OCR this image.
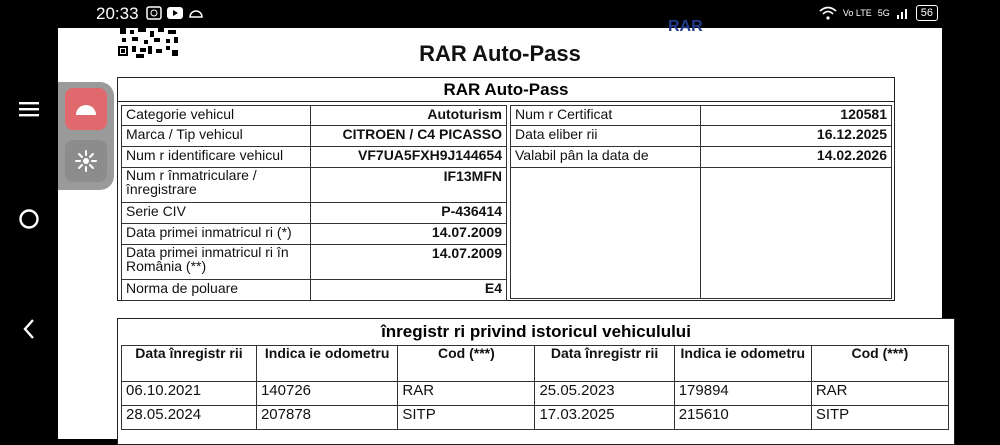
20:33	Vo LTE 5G	56
RAR
RAR Auto-Pass
RAR Auto-Pass
Categorie vehicul	Autoturism
Marca / Tip vehicul	CITROEN / C4 PICASSO
Num r identificare vehicul	VF7UA5FXH9J144654
Num r înmatriculare / înregistrare	IF13MFN
Serie CIV	P-436414
Data primei inmatricul ri (*)	14.07.2009
Data primei inmatricul ri în România (**)	14.07.2009
Norma de poluare	E4
Num r Certificat	120581
Data eliber rii	16.12.2025
Valabil pân la data de	14.02.2026

înregistr ri privind istoricul vehiculului
Data înregistr rii	Indica ie odometru	Cod (***)	Data înregistr rii	Indica ie odometru	Cod (***)
06.10.2021	140726	RAR	25.05.2023	179894	RAR
28.05.2024	207878	SITP	17.03.2025	215610	SITP
